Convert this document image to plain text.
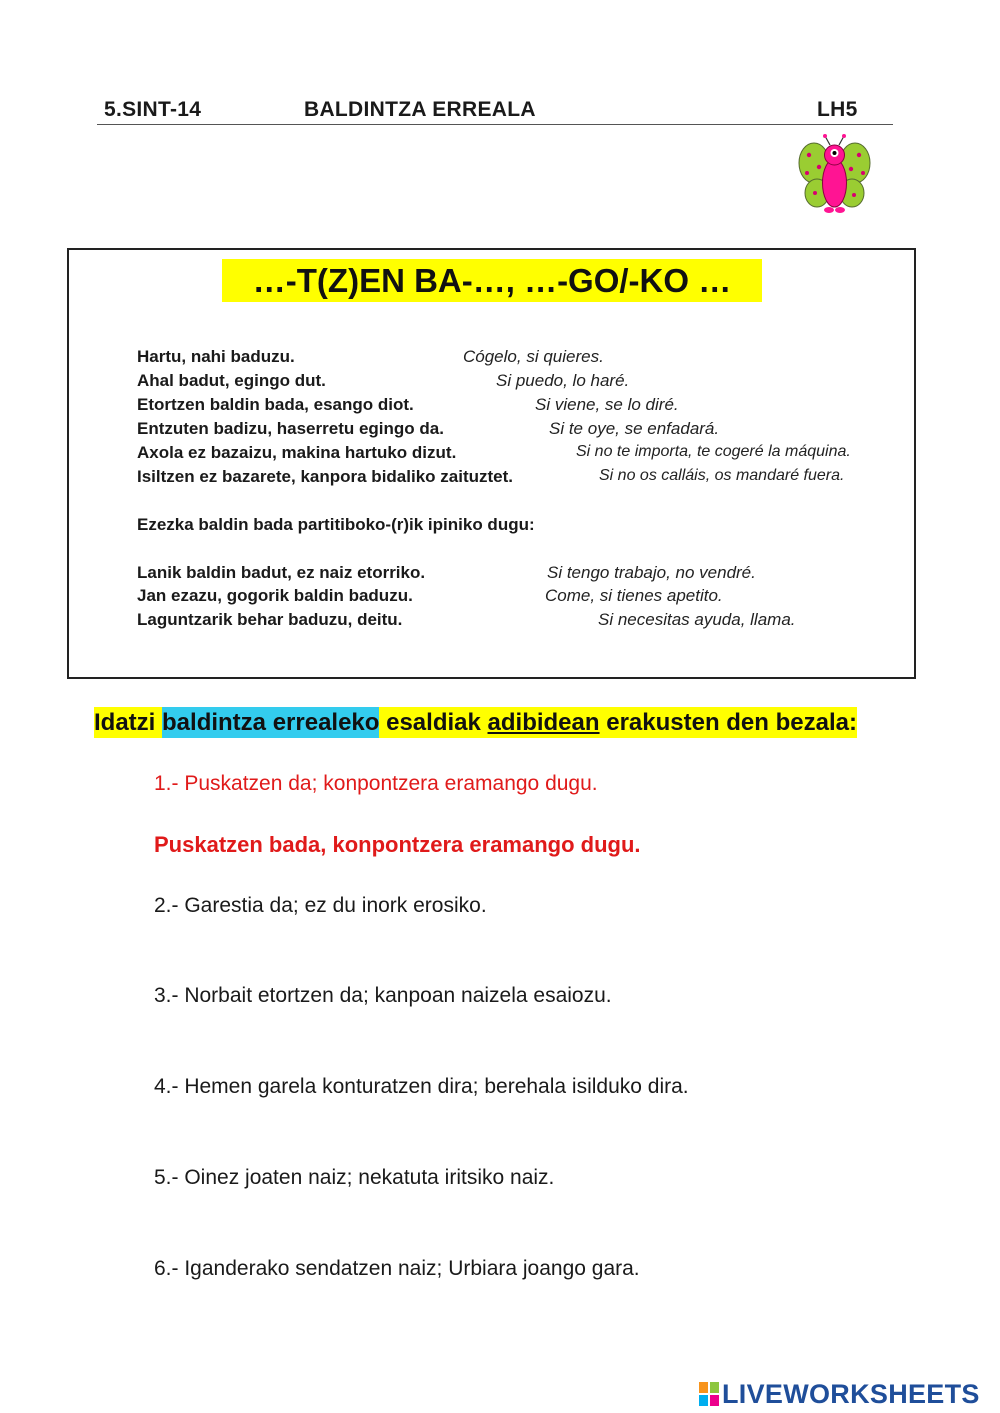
5.SINT-14	BALDINTZA ERREALA	LH5
…-T(Z)EN BA-…, …-GO/-KO …
Hartu, nahi baduzu.	Cógelo, si quieres.
Ahal badut, egingo dut.	Si puedo, lo haré.
Etortzen baldin bada, esango diot.	Si viene, se lo diré.
Entzuten badizu, haserretu egingo da.	Si te oye, se enfadará.
Axola ez bazaizu, makina hartuko dizut.	Si no te importa, te cogeré la máquina.
Isiltzen ez bazarete, kanpora bidaliko zaituztet.	Si no os calláis, os mandaré fuera.
Ezezka baldin bada partitiboko-(r)ik ipiniko dugu:
Lanik baldin badut, ez naiz etorriko.	Si tengo trabajo, no vendré.
Jan ezazu, gogorik baldin baduzu.	Come, si tienes apetito.
Laguntzarik behar baduzu, deitu.	Si necesitas ayuda, llama.
Idatzi baldintza errealeko esaldiak adibidean erakusten den bezala:
1.- Puskatzen da; konpontzera eramango dugu.
Puskatzen bada, konpontzera eramango dugu.
2.- Garestia da; ez du inork erosiko.
3.- Norbait etortzen da; kanpoan naizela esaiozu.
4.- Hemen garela konturatzen dira; berehala isilduko dira.
5.- Oinez joaten naiz; nekatuta iritsiko naiz.
6.- Iganderako sendatzen naiz; Urbiara joango gara.
LIVEWORKSHEETS
